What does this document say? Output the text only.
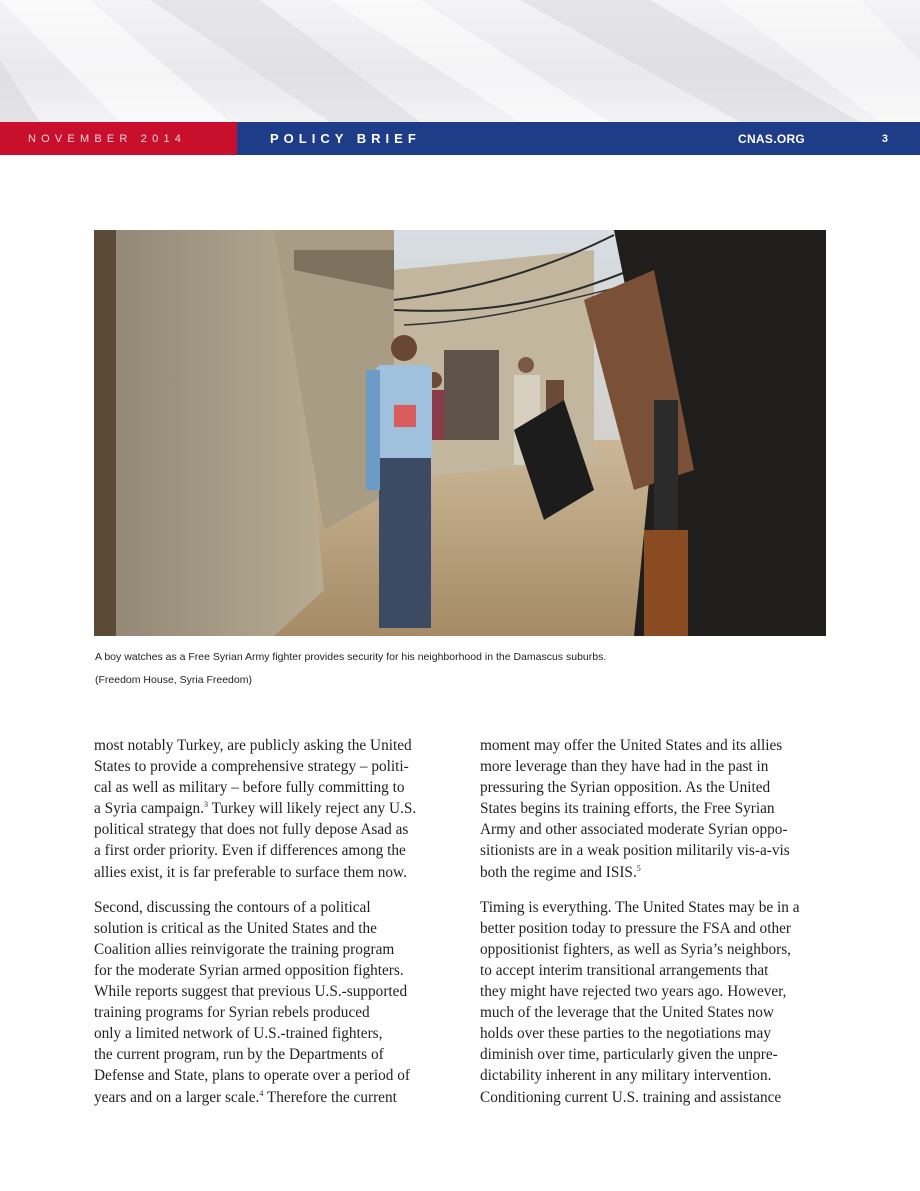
NOVEMBER 2014	POLICY BRIEF	CNAS.ORG	3
A boy watches as a Free Syrian Army fighter provides security for his neighborhood in the Damascus suburbs.
(Freedom House, Syria Freedom)

most notably Turkey, are publicly asking the United

States to provide a comprehensive strategy – politi-

cal as well as military – before fully committing to

a Syria campaign.$^3$ Turkey will likely reject any U.S.

political strategy that does not fully depose Asad as

a first order priority. Even if differences among the

allies exist, it is far preferable to surface them now.

Second, discussing the contours of a political

solution is critical as the United States and the

Coalition allies reinvigorate the training program

for the moderate Syrian armed opposition fighters.

While reports suggest that previous U.S.-supported

training programs for Syrian rebels produced

only a limited network of U.S.-trained fighters,

the current program, run by the Departments of

Defense and State, plans to operate over a period of

years and on a larger scale.$^4$ Therefore the current

moment may offer the United States and its allies

more leverage than they have had in the past in

pressuring the Syrian opposition. As the United

States begins its training efforts, the Free Syrian

Army and other associated moderate Syrian oppo-

sitionists are in a weak position militarily vis-a-vis

both the regime and ISIS.$^5$

Timing is everything. The United States may be in a

better position today to pressure the FSA and other

oppositionist fighters, as well as Syria’s neighbors,

to accept interim transitional arrangements that

they might have rejected two years ago. However,

much of the leverage that the United States now

holds over these parties to the negotiations may

diminish over time, particularly given the unpre-

dictability inherent in any military intervention.

Conditioning current U.S. training and assistance
